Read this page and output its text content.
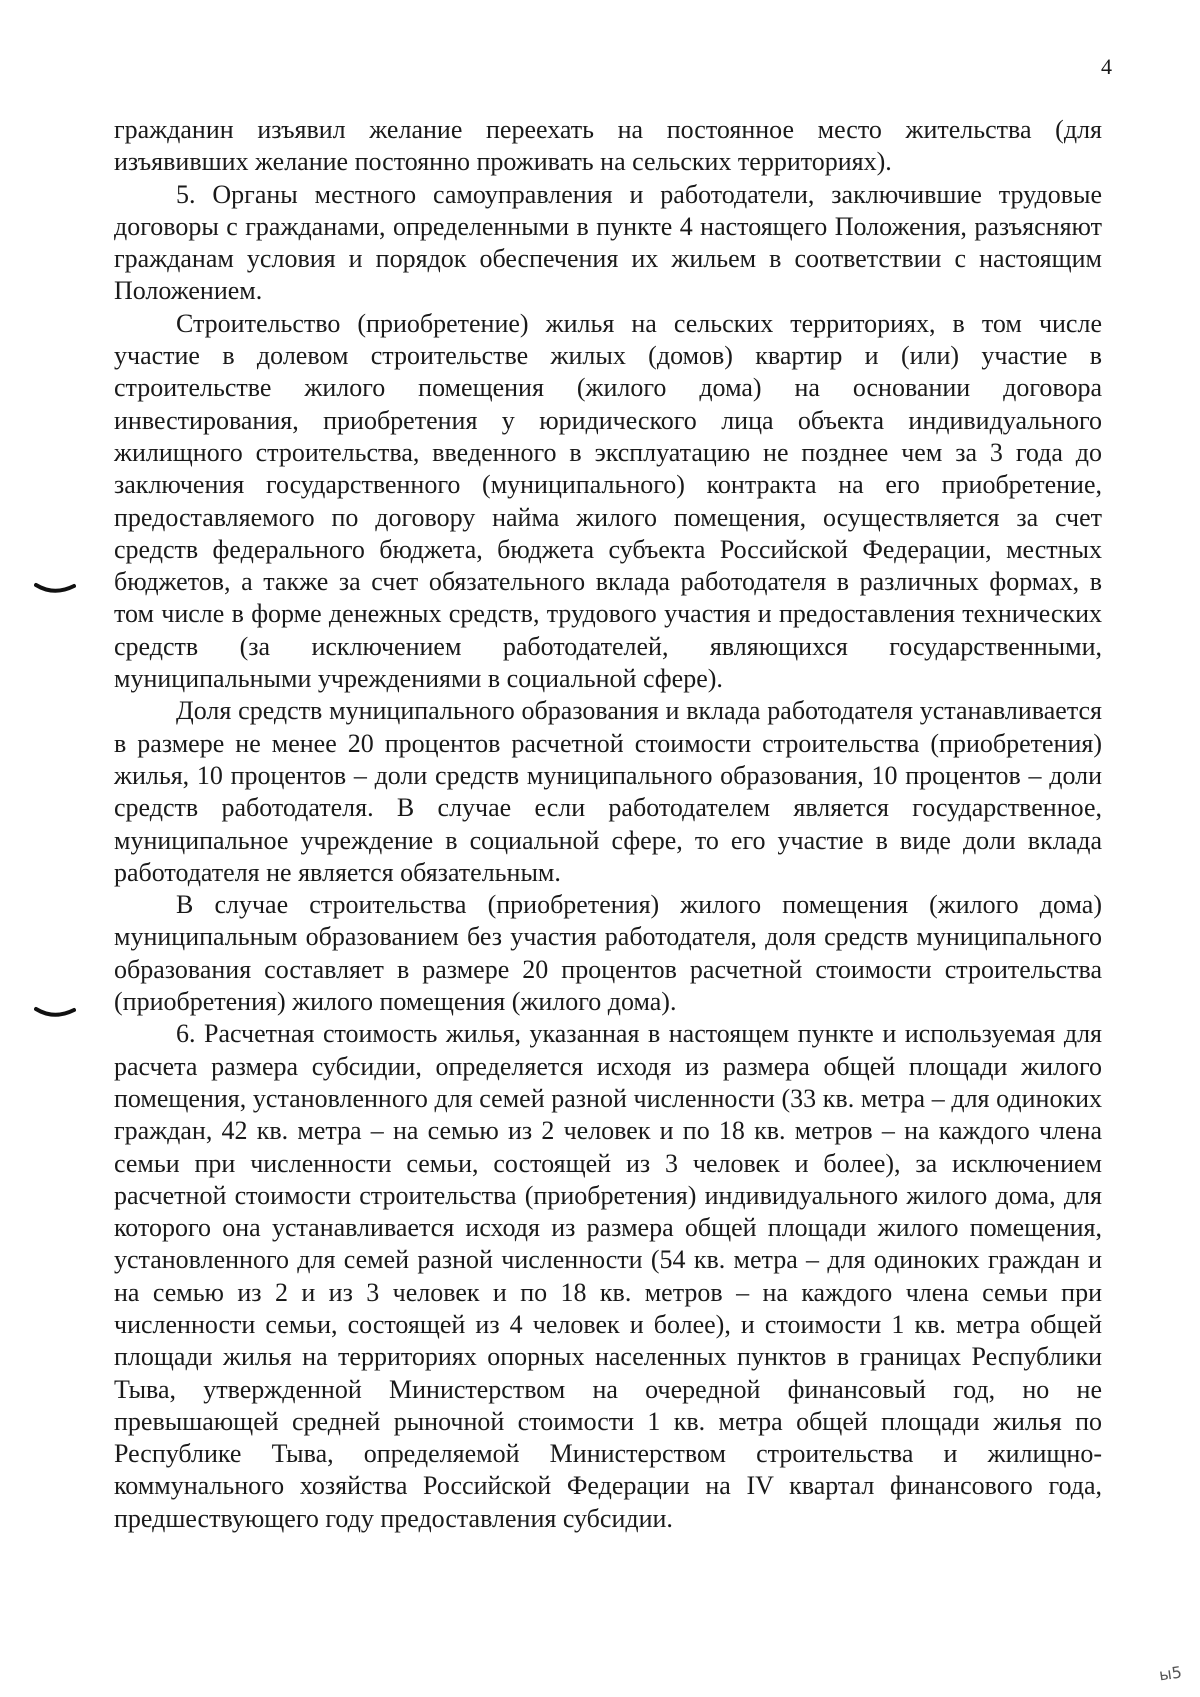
4

гражданин изъявил желание переехать на постоянное место жительства (для изъявивших желание постоянно проживать на сельских территориях).

5. Органы местного самоуправления и работодатели, заключившие трудовые договоры с гражданами, определенными в пункте 4 настоящего Положения, разъясняют гражданам условия и порядок обеспечения их жильем в соответствии с настоящим Положением.

Строительство (приобретение) жилья на сельских территориях, в том числе участие в долевом строительстве жилых (домов) квартир и (или) участие в строительстве жилого помещения (жилого дома) на основании договора инвестирования, приобретения у юридического лица объекта индивидуального жилищного строительства, введенного в эксплуатацию не позднее чем за 3 года до заключения государственного (муниципального) контракта на его приобретение, предоставляемого по договору найма жилого помещения, осуществляется за счет средств федерального бюджета, бюджета субъекта Российской Федерации, местных бюджетов, а также за счет обязательного вклада работодателя в различных формах, в том числе в форме денежных средств, трудового участия и предоставления технических средств (за исключением работодателей, являющихся государственными, муниципальными учреждениями в социальной сфере).

Доля средств муниципального образования и вклада работодателя устанавливается в размере не менее 20 процентов расчетной стоимости строительства (приобретения) жилья, 10 процентов – доли средств муниципального образования, 10 процентов – доли средств работодателя. В случае если работодателем является государственное, муниципальное учреждение в социальной сфере, то его участие в виде доли вклада работодателя не является обязательным.

В случае строительства (приобретения) жилого помещения (жилого дома) муниципальным образованием без участия работодателя, доля средств муниципального образования составляет в размере 20 процентов расчетной стоимости строительства (приобретения) жилого помещения (жилого дома).

6. Расчетная стоимость жилья, указанная в настоящем пункте и используемая для расчета размера субсидии, определяется исходя из размера общей площади жилого помещения, установленного для семей разной численности (33 кв. метра – для одиноких граждан, 42 кв. метра – на семью из 2 человек и по 18 кв. метров – на каждого члена семьи при численности семьи, состоящей из 3 человек и более), за исключением расчетной стоимости строительства (приобретения) индивидуального жилого дома, для которого она устанавливается исходя из размера общей площади жилого помещения, установленного для семей разной численности (54 кв. метра – для одиноких граждан и на семью из 2 и из 3 человек и по 18 кв. метров – на каждого члена семьи при численности семьи, состоящей из 4 человек и более), и стоимости 1 кв. метра общей площади жилья на территориях опорных населенных пунктов в границах Республики Тыва, утвержденной Министерством на очередной финансовый год, но не превышающей средней рыночной стоимости 1 кв. метра общей площади жилья по Республике Тыва, определяемой Министерством строительства и жилищно-коммунального хозяйства Российской Федерации на IV квартал финансового года, предшествующего году предоставления субсидии.

ы5
